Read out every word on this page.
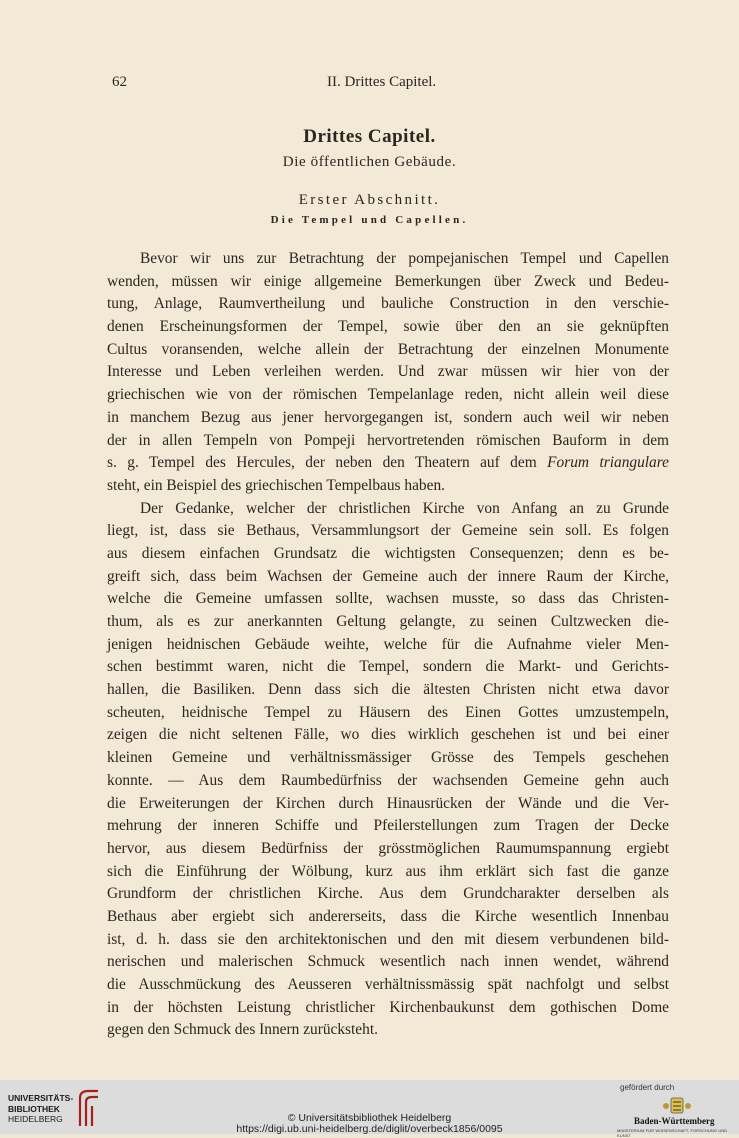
62	II. Drittes Capitel.
Drittes Capitel.
Die öffentlichen Gebäude.
Erster Abschnitt.
Die Tempel und Capellen.
Bevor wir uns zur Betrachtung der pompejanischen Tempel und Capellen
wenden, müssen wir einige allgemeine Bemerkungen über Zweck und Bedeu-
tung, Anlage, Raumvertheilung und bauliche Construction in den verschie-
denen Erscheinungsformen der Tempel, sowie über den an sie geknüpften
Cultus voransenden, welche allein der Betrachtung der einzelnen Monumente
Interesse und Leben verleihen werden. Und zwar müssen wir hier von der
griechischen wie von der römischen Tempelanlage reden, nicht allein weil diese
in manchem Bezug aus jener hervorgegangen ist, sondern auch weil wir neben
der in allen Tempeln von Pompeji hervortretenden römischen Bauform in dem
s. g. Tempel des Hercules, der neben den Theatern auf dem Forum triangulare
steht, ein Beispiel des griechischen Tempelbaus haben.
Der Gedanke, welcher der christlichen Kirche von Anfang an zu Grunde
liegt, ist, dass sie Bethaus, Versammlungsort der Gemeine sein soll. Es folgen
aus diesem einfachen Grundsatz die wichtigsten Consequenzen; denn es be-
greift sich, dass beim Wachsen der Gemeine auch der innere Raum der Kirche,
welche die Gemeine umfassen sollte, wachsen musste, so dass das Christen-
thum, als es zur anerkannten Geltung gelangte, zu seinen Cultzwecken die-
jenigen heidnischen Gebäude weihte, welche für die Aufnahme vieler Men-
schen bestimmt waren, nicht die Tempel, sondern die Markt- und Gerichts-
hallen, die Basiliken. Denn dass sich die ältesten Christen nicht etwa davor
scheuten, heidnische Tempel zu Häusern des Einen Gottes umzustempeln,
zeigen die nicht seltenen Fälle, wo dies wirklich geschehen ist und bei einer
kleinen Gemeine und verhältnissmässiger Grösse des Tempels geschehen
konnte. — Aus dem Raumbedürfniss der wachsenden Gemeine gehn auch
die Erweiterungen der Kirchen durch Hinausrücken der Wände und die Ver-
mehrung der inneren Schiffe und Pfeilerstellungen zum Tragen der Decke
hervor, aus diesem Bedürfniss der grösstmöglichen Raumumspannung ergiebt
sich die Einführung der Wölbung, kurz aus ihm erklärt sich fast die ganze
Grundform der christlichen Kirche. Aus dem Grundcharakter derselben als
Bethaus aber ergiebt sich andererseits, dass die Kirche wesentlich Innenbau
ist, d. h. dass sie den architektonischen und den mit diesem verbundenen bild-
nerischen und malerischen Schmuck wesentlich nach innen wendet, während
die Ausschmückung des Aeusseren verhältnissmässig spät nachfolgt und selbst
in der höchsten Leistung christlicher Kirchenbaukunst dem gothischen Dome
gegen den Schmuck des Innern zurücksteht.
UNIVERSITÄTS-
BIBLIOTHEK
HEIDELBERG	© Universitätsbibliothek Heidelberg
https://digi.ub.uni-heidelberg.de/diglit/overbeck1856/0095
gefördert durch
Baden-Württemberg
MINISTERIUM FÜR WISSENSCHAFT, FORSCHUNG UND KUNST
